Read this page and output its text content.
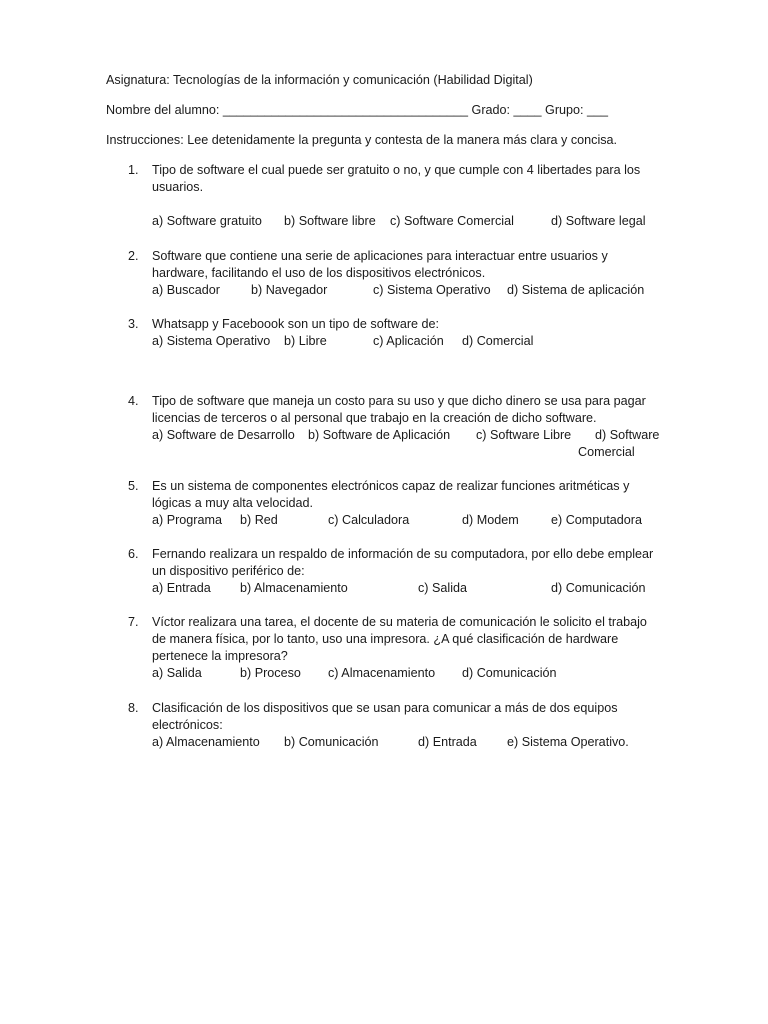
Asignatura: Tecnologías de la información y comunicación (Habilidad Digital)
Nombre del alumno: ___________________________________ Grado: ____ Grupo: ___
Instrucciones: Lee detenidamente la pregunta y contesta de la manera más clara y concisa.
1. Tipo de software el cual puede ser gratuito o no, y que cumple con 4 libertades para los
usuarios.
a) Software gratuito b) Software libre c) Software Comercial	d) Software legal
2. Software que contiene una serie de aplicaciones para interactuar entre usuarios y
hardware, facilitando el uso de los dispositivos electrónicos.
a) Buscador b) Navegador	c) Sistema Operativo d) Sistema de aplicación
3. Whatsapp y Faceboook son un tipo de software de:
a) Sistema Operativo b) Libre	c) Aplicación d) Comercial
4. Tipo de software que maneja un costo para su uso y que dicho dinero se usa para pagar
licencias de terceros o al personal que trabajo en la creación de dicho software.
a) Software de Desarrollo b) Software de Aplicación c) Software Libre d) Software
Comercial
5. Es un sistema de componentes electrónicos capaz de realizar funciones aritméticas y
lógicas a muy alta velocidad.
a) Programa b) Red	c) Calculadora	d) Modem	e) Computadora
6. Fernando realizara un respaldo de información de su computadora, por ello debe emplear
un dispositivo periférico de:
a) Entrada b) Almacenamiento	c) Salida	d) Comunicación
7. Víctor realizara una tarea, el docente de su materia de comunicación le solicito el trabajo
de manera física, por lo tanto, uso una impresora. ¿A qué clasificación de hardware
pertenece la impresora?
a) Salida	b) Proceso c) Almacenamiento d) Comunicación
8. Clasificación de los dispositivos que se usan para comunicar a más de dos equipos
electrónicos:
a) Almacenamiento b) Comunicación	d) Entrada e) Sistema Operativo.
